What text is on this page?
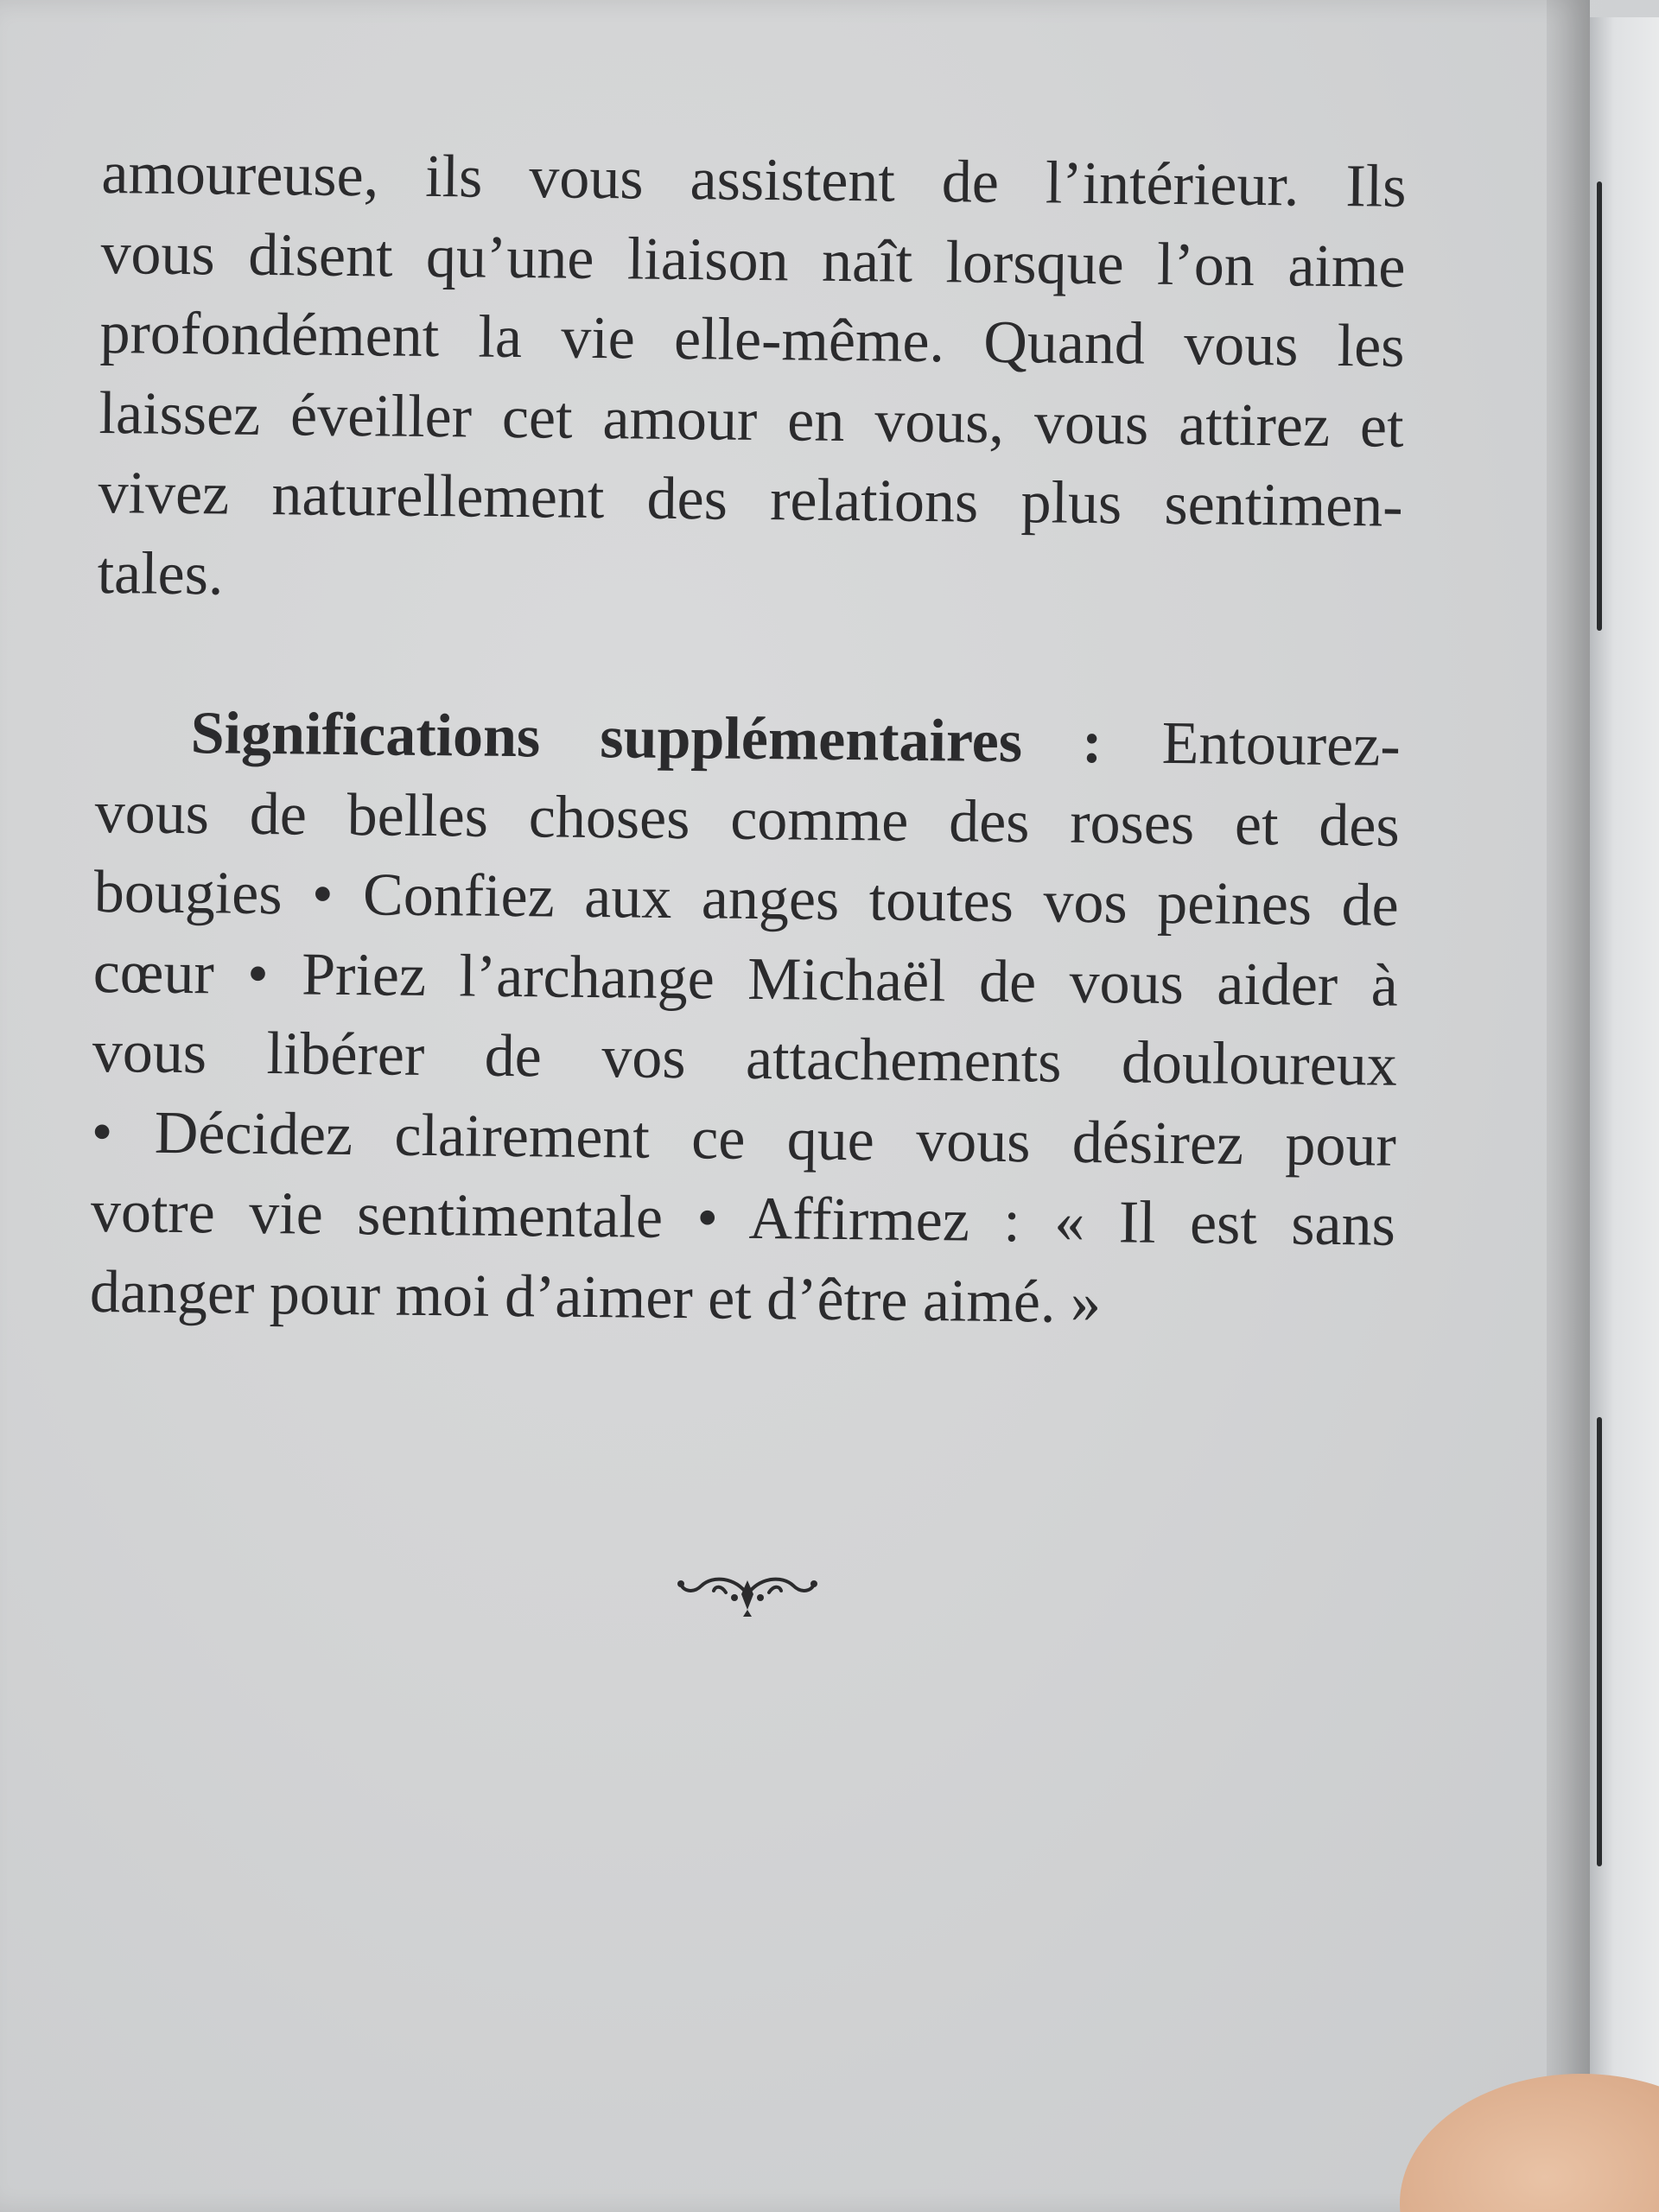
amoureuse, ils vous assistent de l’intérieur. Ils
vous disent qu’une liaison naît lorsque l’on aime
profondément la vie elle-même. Quand vous les
laissez éveiller cet amour en vous, vous attirez et
vivez naturellement des relations plus sentimen-
tales.
Significations supplémentaires : Entourez-
vous de belles choses comme des roses et des
bougies • Confiez aux anges toutes vos peines de
cœur • Priez l’archange Michaël de vous aider à
vous libérer de vos attachements douloureux
• Décidez clairement ce que vous désirez pour
votre vie sentimentale • Affirmez : « Il est sans
danger pour moi d’aimer et d’être aimé. »
